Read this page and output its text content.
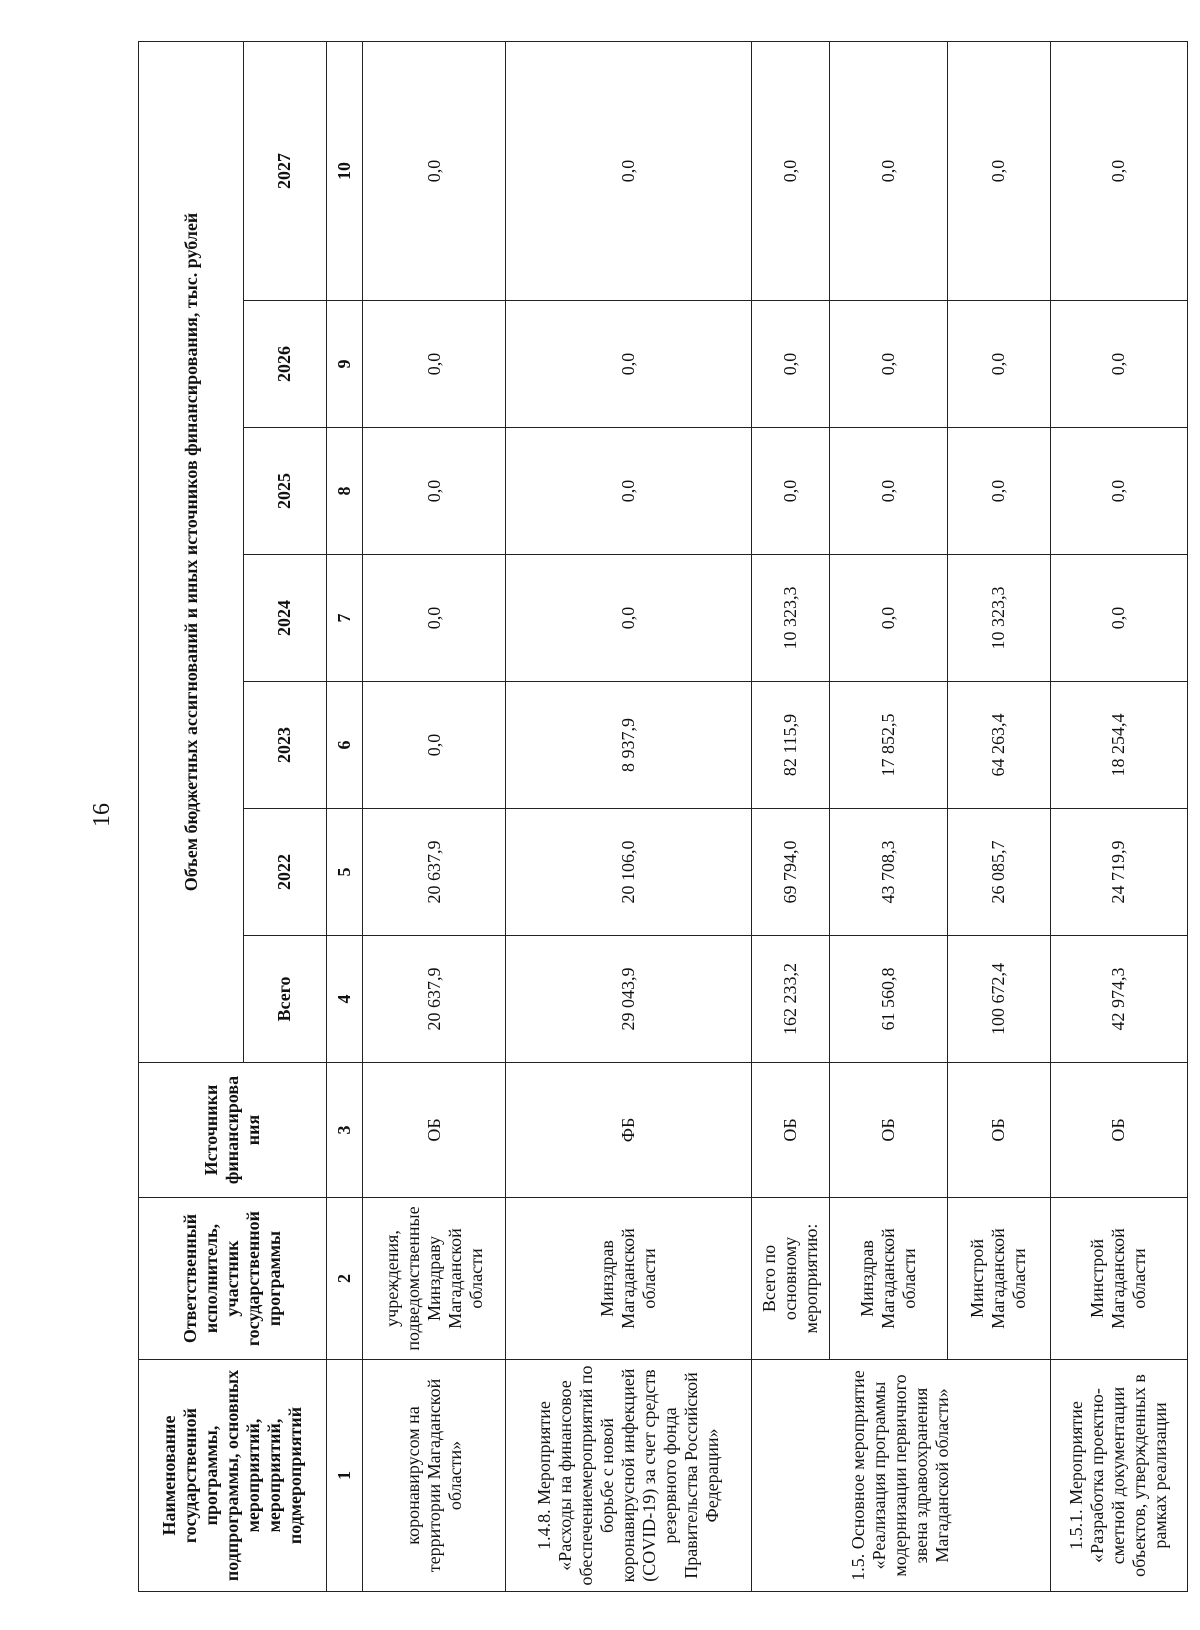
16
Наименование государственной программы, подпрограммы, основных мероприятий, мероприятий, подмероприятий	Ответственный исполнитель, участник государственной программы	Источники финансирова ния	Объем бюджетных ассигнований и иных источников финансирования, тыс. рублей						
			Всего	2022	2023	2024	2025	2026	2027
1	2	3	4	5	6	7	8	9	10
коронавирусом на территории Магаданской области»	учреждения, подведомственные Минздраву Магаданской области	ОБ	20 637,9	20 637,9	0,0	0,0	0,0	0,0	0,0
1.4.8. Мероприятие «Расходы на финансовое обеспечениемероприятий по борьбе с новой коронавирусной инфекцией (COVID-19) за счет средств резервного фонда Правительства Российской Федерации»	Минздрав Магаданской области	ФБ	29 043,9	20 106,0	8 937,9	0,0	0,0	0,0	0,0
1.5. Основное мероприятие «Реализация программы модернизации первичного звена здравоохранения Магаданской области»	Всего по основному мероприятию:	ОБ	162 233,2	69 794,0	82 115,9	10 323,3	0,0	0,0	0,0
	Минздрав Магаданской области	ОБ	61 560,8	43 708,3	17 852,5	0,0	0,0	0,0	0,0
	Минстрой Магаданской области	ОБ	100 672,4	26 085,7	64 263,4	10 323,3	0,0	0,0	0,0
1.5.1. Мероприятие «Разработка проектно-сметной документации объектов, утвержденных в рамках реализации	Минстрой Магаданской области	ОБ	42 974,3	24 719,9	18 254,4	0,0	0,0	0,0	0,0
